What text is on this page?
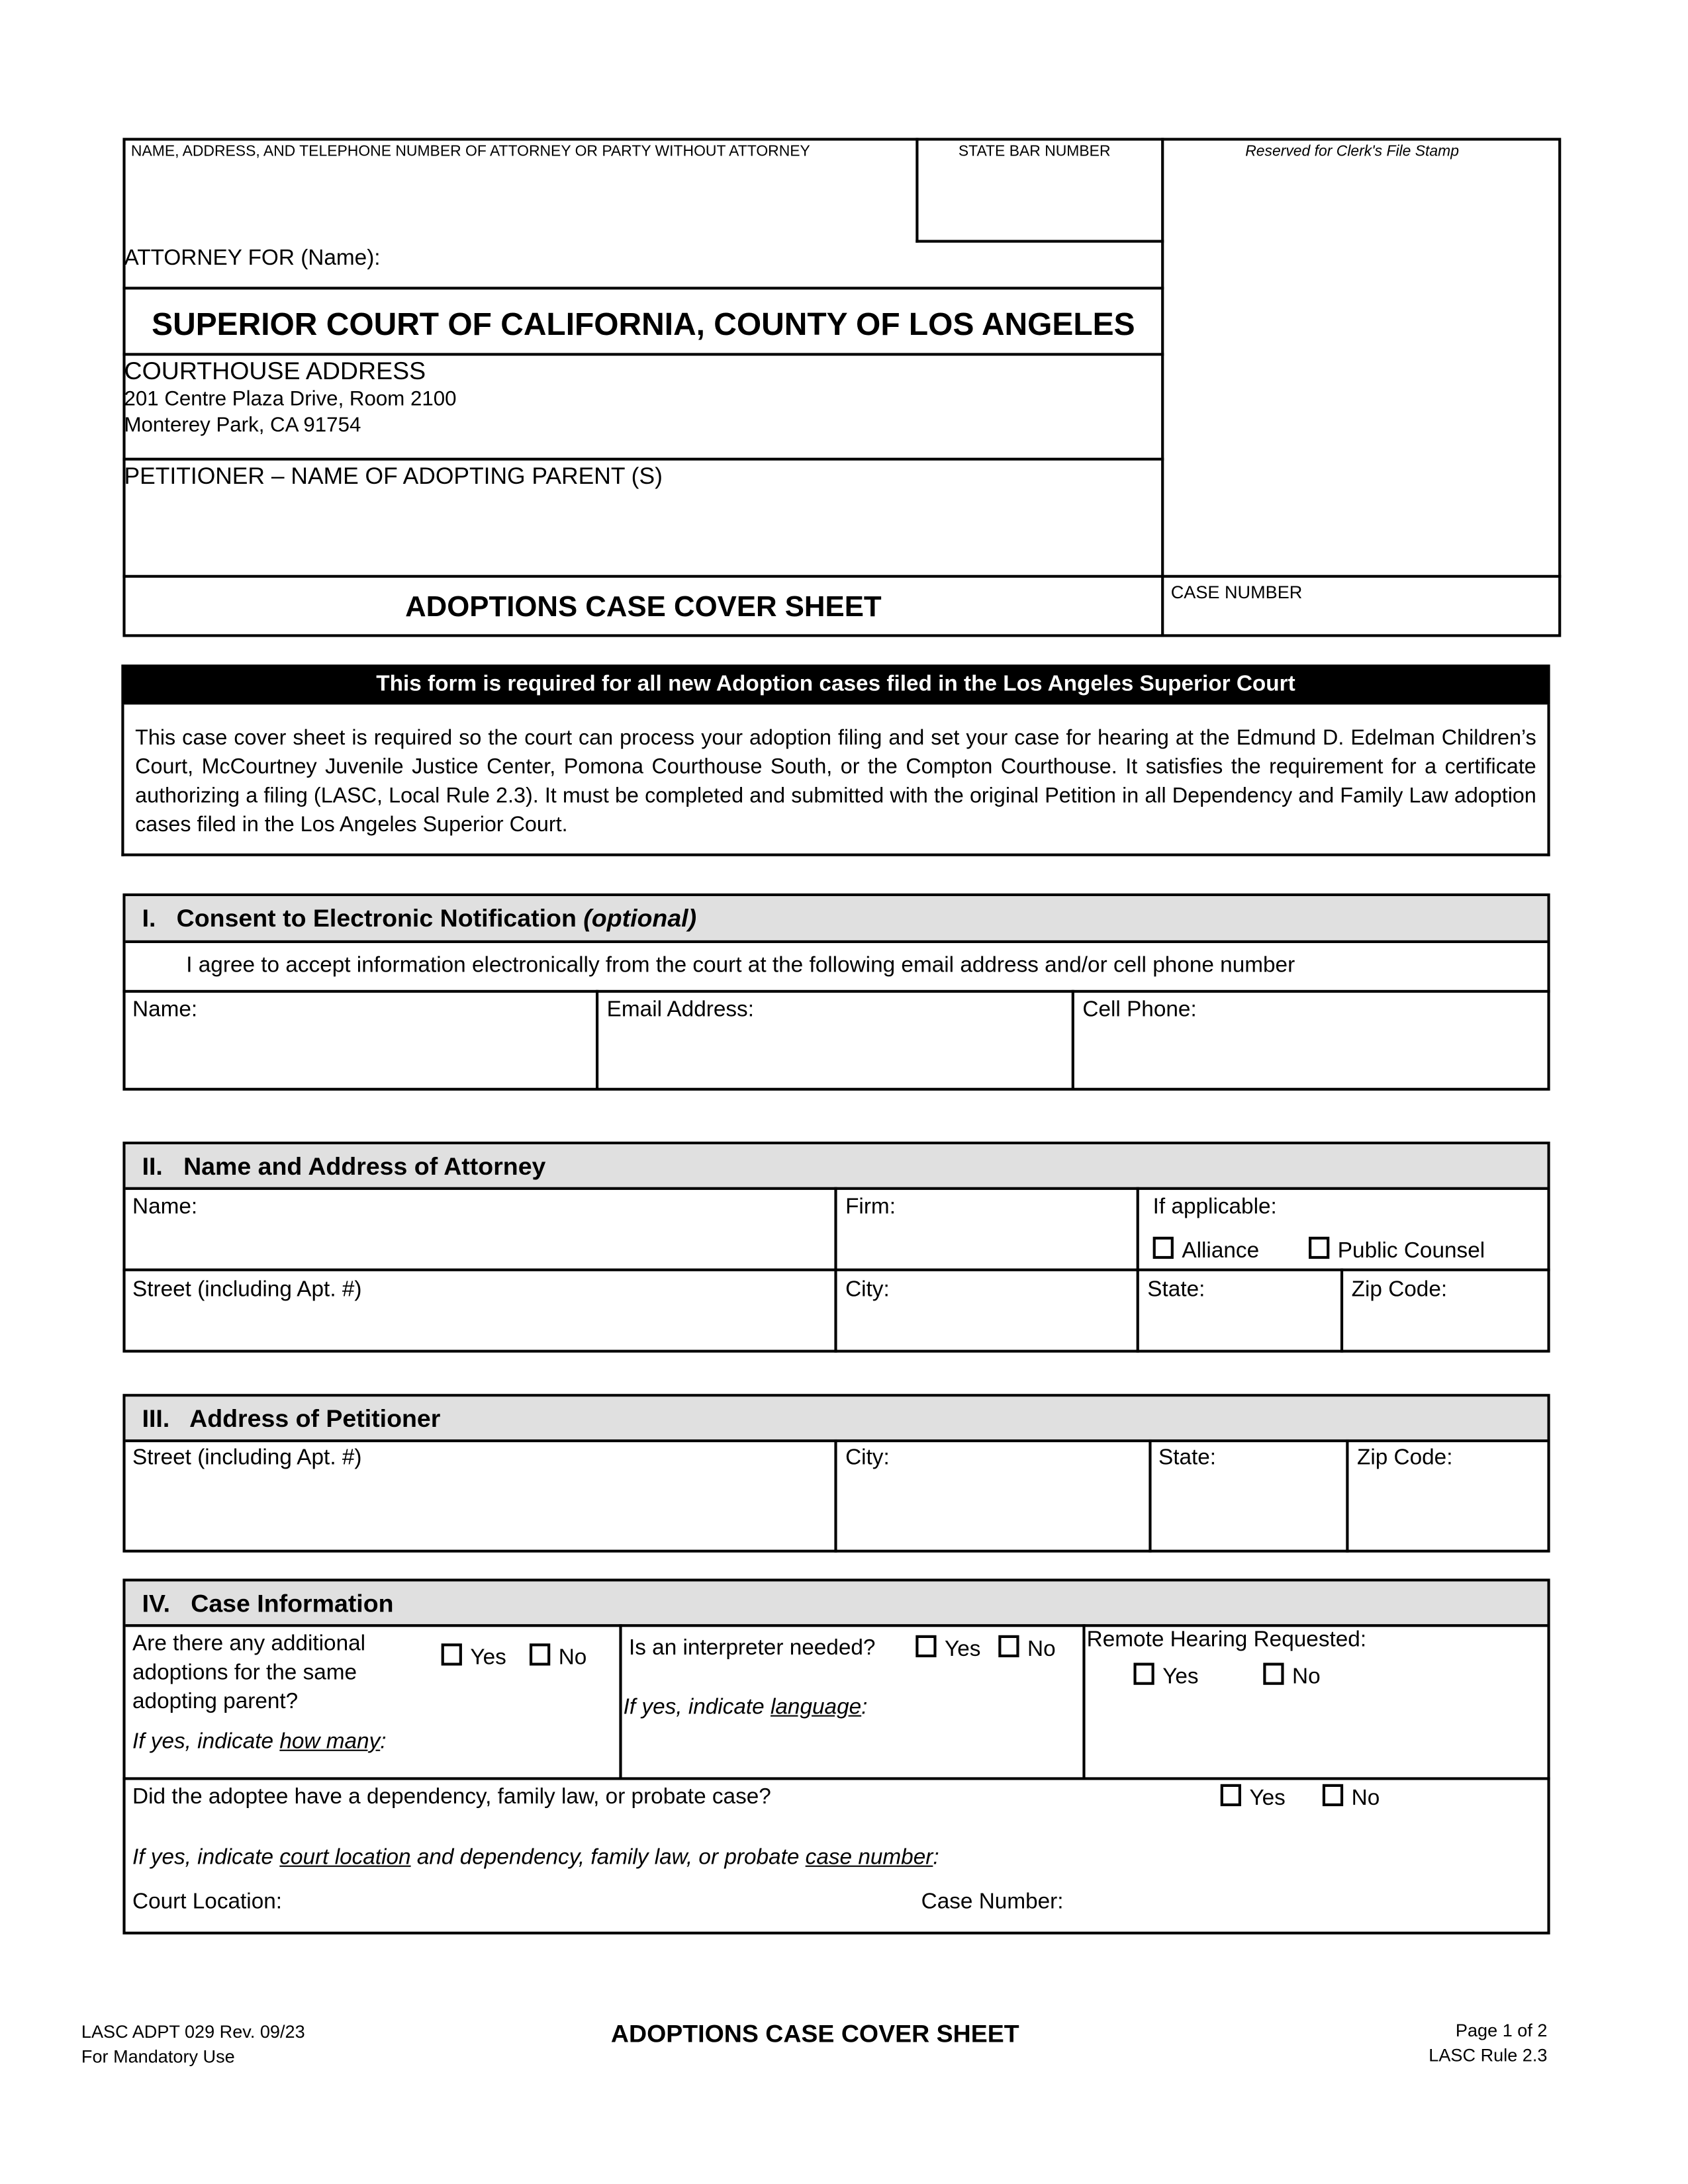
NAME, ADDRESS, AND TELEPHONE NUMBER OF ATTORNEY OR PARTY WITHOUT ATTORNEY	STATE BAR NUMBER	Reserved for Clerk's File Stamp
ATTORNEY FOR (Name):
SUPERIOR COURT OF CALIFORNIA, COUNTY OF LOS ANGELES
COURTHOUSE ADDRESS
201 Centre Plaza Drive, Room 2100
Monterey Park, CA 91754
PETITIONER – NAME OF ADOPTING PARENT (S)
ADOPTIONS CASE COVER SHEET	CASE NUMBER
This form is required for all new Adoption cases filed in the Los Angeles Superior Court
This case cover sheet is required so the court can process your adoption filing and set your case for hearing at the Edmund D. Edelman Children’s Court, McCourtney Juvenile Justice Center, Pomona Courthouse South, or the Compton Courthouse. It satisfies the requirement for a certificate authorizing a filing (LASC, Local Rule 2.3). It must be completed and submitted with the original Petition in all Dependency and Family Law adoption cases filed in the Los Angeles Superior Court.
I.   Consent to Electronic Notification (optional)
I agree to accept information electronically from the court at the following email address and/or cell phone number
Name:	Email Address:	Cell Phone:
II.   Name and Address of Attorney
Name:	Firm:	If applicable:
Alliance	Public Counsel
Street (including Apt. #)	City:	State:	Zip Code:
III.   Address of Petitioner
Street (including Apt. #)	City:	State:	Zip Code:
IV.   Case Information
Are there any additional
adoptions for the same
adopting parent?
Yes	No
If yes, indicate how many:
Is an interpreter needed?	Yes	No
If yes, indicate language:
Remote Hearing Requested:
Yes	No
Did the adoptee have a dependency, family law, or probate case?	Yes	No
If yes, indicate court location and dependency, family law, or probate case number:
Court Location:	Case Number:
LASC ADPT 029 Rev. 09/23
For Mandatory Use
ADOPTIONS CASE COVER SHEET	Page 1 of 2
LASC Rule 2.3
